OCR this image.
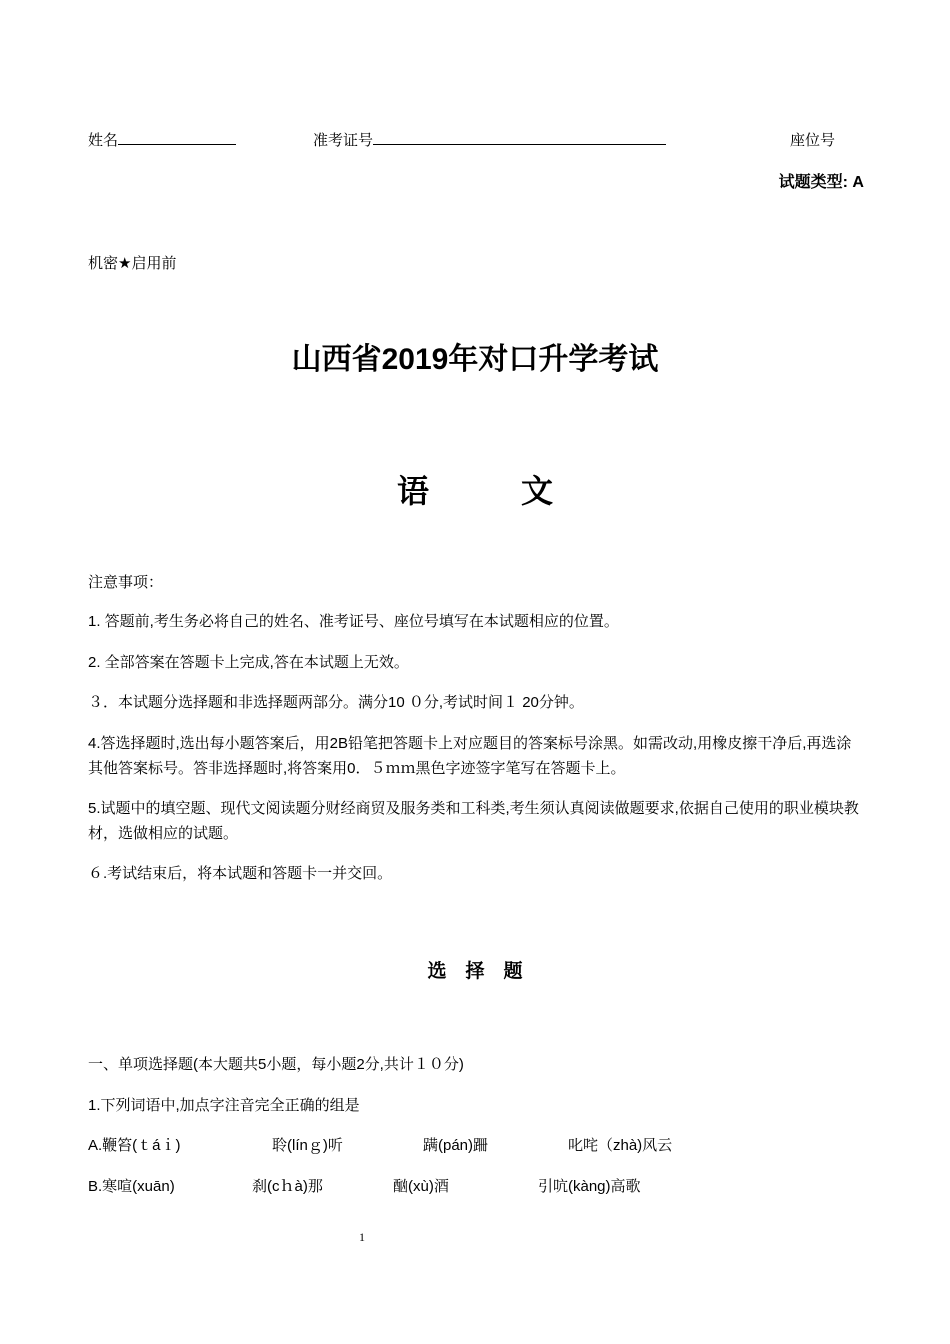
姓名	准考证号	座位号
试题类型: A
机密★启用前
山西省2019年对口升学考试
语	文
注意事项：
1. 答题前,考生务必将自己的姓名、准考证号、座位号填写在本试题相应的位置。
2. 全部答案在答题卡上完成,答在本试题上无效。
３．本试题分选择题和非选择题两部分。满分10 ０分,考试时间１ 20分钟。
4.答选择题时,选出每小题答案后，用2B铅笔把答题卡上对应题目的答案标号涂黑。如需改动,用橡皮擦干净后,再选涂其他答案标号。答非选择题时,将答案用0．５ｍｍ黑色字迹签字笔写在答题卡上。
5.试题中的填空题、现代文阅读题分财经商贸及服务类和工科类,考生须认真阅读做题要求,依据自己使用的职业模块教材，选做相应的试题。
６.考试结束后，将本试题和答题卡一并交回。
选　择　题
一、单项选择题(本大题共5小题，每小题2分,共计１０分)
1.下列词语中,加点字注音完全正确的组是
A.鞭笞(ｔáｉ)	聆(línｇ)听	蹒(pán)跚	叱咤（zhà)风云
B.寒喧(xuān)	刹(cｈà)那	酗(xù)酒	引吭(kàng)高歌
1
